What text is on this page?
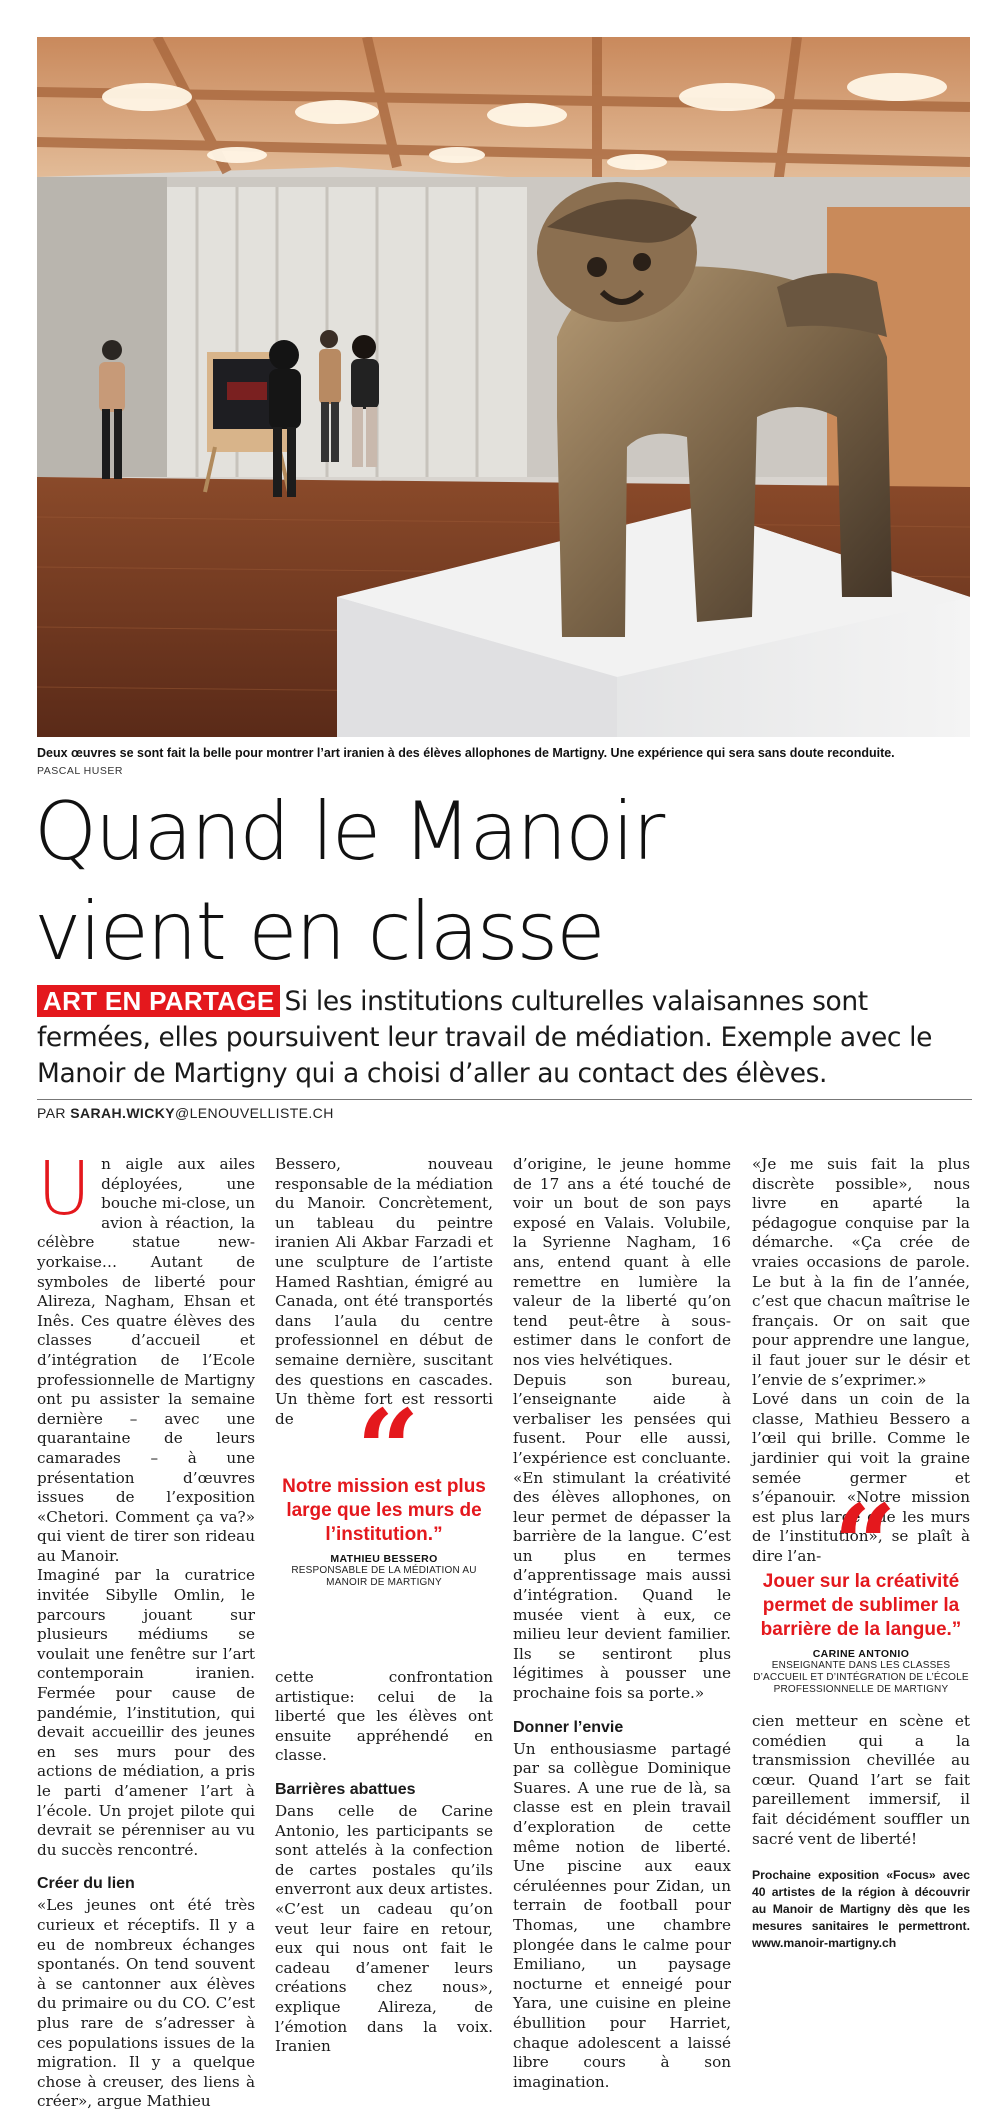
Deux œuvres se sont fait la belle pour montrer l’art iranien à des élèves allophones de Martigny. Une expérience qui sera sans doute reconduite.
PASCAL HUSER
Quand le Manoir
vient en classe
ART EN PARTAGE Si les institutions culturelles valaisannes sont fermées, elles poursuivent leur travail de médiation. Exemple avec le Manoir de Martigny qui a choisi d’aller au contact des élèves.
PAR SARAH.WICKY@LENOUVELLISTE.CH

Un aigle aux ailes déployées, une bouche mi-close, un avion à réaction, la célèbre statue new-yorkaise… Autant de symboles de liberté pour Alireza, Nagham, Ehsan et Inês. Ces quatre élèves des classes d’accueil et d’intégration de l’Ecole professionnelle de Martigny ont pu assister la semaine dernière – avec une quarantaine de leurs camarades – à une présentation d’œuvres issues de l’exposition «Chetori. Comment ça va?» qui vient de tirer son rideau au Manoir.

Imaginé par la curatrice invitée Sibylle Omlin, le parcours jouant sur plusieurs médiums se voulait une fenêtre sur l’art contemporain iranien. Fermée pour cause de pandémie, l’institution, qui devait accueillir des jeunes en ses murs pour des actions de médiation, a pris le parti d’amener l’art à l’école. Un projet pilote qui devrait se pérenniser au vu du succès rencontré.

Créer du lien

«Les jeunes ont été très curieux et réceptifs. Il y a eu de nombreux échanges spontanés. On tend souvent à se cantonner aux élèves du primaire ou du CO. C’est plus rare de s’adresser à ces populations issues de la migration. Il y a quelque chose à creuser, des liens à créer», argue Mathieu

Bessero, nouveau responsable de la médiation du Manoir. Concrètement, un tableau du peintre iranien Ali Akbar Farzadi et une sculpture de l’artiste Hamed Rashtian, émigré au Canada, ont été transportés dans l’aula du centre professionnel en début de semaine dernière, suscitant des questions en cascades. Un thème fort est ressorti de “
Notre mission est plus large que les murs de l’institution.”
MATHIEU BESSERO
RESPONSABLE DE LA MÉDIATION AU MANOIR DE MARTIGNY

cette confrontation artistique: celui de la liberté que les élèves ont ensuite appréhendé en classe.

Barrières abattues

Dans celle de Carine Antonio, les participants se sont attelés à la confection de cartes postales qu’ils enverront aux deux artistes. «C’est un cadeau qu’on veut leur faire en retour, eux qui nous ont fait le cadeau d’amener leurs créations chez nous», explique Alireza, de l’émotion dans la voix. Iranien

d’origine, le jeune homme de 17 ans a été touché de voir un bout de son pays exposé en Valais. Volubile, la Syrienne Nagham, 16 ans, entend quant à elle remettre en lumière la valeur de la liberté qu’on tend peut-être à sous-estimer dans le confort de nos vies helvétiques.

Depuis son bureau, l’enseignante aide à verbaliser les pensées qui fusent. Pour elle aussi, l’expérience est concluante. «En stimulant la créativité des élèves allophones, on leur permet de dépasser la barrière de la langue. C’est un plus en termes d’apprentissage mais aussi d’intégration. Quand le musée vient à eux, ce milieu leur devient familier. Ils se sentiront plus légitimes à pousser une prochaine fois sa porte.»

Donner l’envie

Un enthousiasme partagé par sa collègue Dominique Suares. A une rue de là, sa classe est en plein travail d’exploration de cette même notion de liberté. Une piscine aux eaux céruléennes pour Zidan, un terrain de football pour Thomas, une chambre plongée dans le calme pour Emiliano, un paysage nocturne et enneigé pour Yara, une cuisine en pleine ébullition pour Harriet, chaque adolescent a laissé libre cours à son imagination.

«Je me suis fait la plus discrète possible», nous livre en aparté la pédagogue conquise par la démarche. «Ça crée de vraies occasions de parole. Le but à la fin de l’année, c’est que chacun maîtrise le français. Or on sait que pour apprendre une langue, il faut jouer sur le désir et l’envie de s’exprimer.»

Lové dans un coin de la classe, Mathieu Bessero a l’œil qui brille. Comme le jardinier qui voit la graine semée germer et s’épanouir. «Notre mission est plus large que les murs de l’institution», se plaît à dire l’an- “
Jouer sur la créativité permet de sublimer la barrière de la langue.”
CARINE ANTONIO
ENSEIGNANTE DANS LES CLASSES D’ACCUEIL ET D’INTÉGRATION DE L’ÉCOLE PROFESSIONNELLE DE MARTIGNY

cien metteur en scène et comédien qui a la transmission chevillée au cœur. Quand l’art se fait pareillement immersif, il fait décidément souffler un sacré vent de liberté!

Prochaine exposition «Focus» avec 40 artistes de la région à découvrir au Manoir de Martigny dès que les mesures sanitaires le permettront. www.manoir-martigny.ch
